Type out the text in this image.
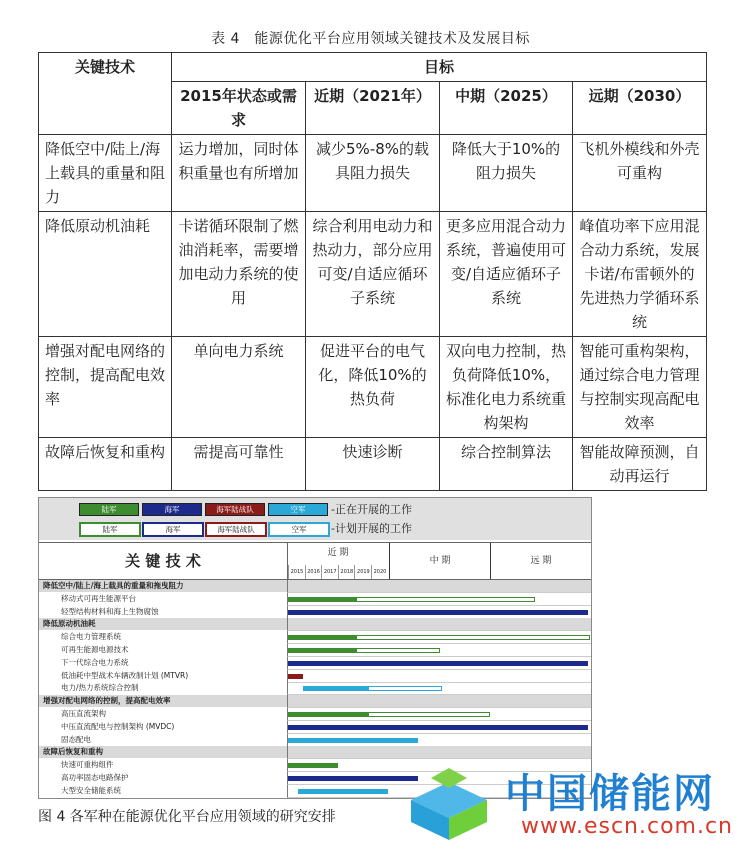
表 4　能源优化平台应用领域关键技术及发展目标
关键技术	目标			
	2015年状态或需求	近期（2021年）	中期（2025）	远期（2030）
降低空中/陆上/海上载具的重量和阻力	运力增加，同时体积重量也有所增加	减少5%-8%的载具阻力损失	降低大于10%的阻力损失	飞机外模线和外壳可重构
降低原动机油耗	卡诺循环限制了燃油消耗率，需要增加电动力系统的使用	综合利用电动力和热动力，部分应用可变/自适应循环子系统	更多应用混合动力系统，普遍使用可变/自适应循环子系统	峰值功率下应用混合动力系统，发展卡诺/布雷顿外的先进热力学循环系统
增强对配电网络的控制，提高配电效率	单向电力系统	促进平台的电气化，降低10%的热负荷	双向电力控制，热负荷降低10%，标准化电力系统重构架构	智能可重构架构，通过综合电力管理与控制实现高配电效率
故障后恢复和重构	需提高可靠性	快速诊断	综合控制算法	智能故障预测，自动再运行
陆军	海军	海军陆战队	空军	-正在开展的工作
陆军	海军	海军陆战队	空军	-计划开展的工作
关 键 技 术	近 期
中 期	远 期
2015 2016 2017 2018 2019 2020
降低空中/陆上/海上载具的重量和拖曳阻力
移动式可再生能源平台
轻型结构材料和海上生物腐蚀
降低原动机油耗
综合电力管理系统
可再生能源电源技术
下一代综合电力系统
低油耗中型战术车辆改制计划 (MTVR)
电力/热力系统综合控制
增强对配电网络的控制，提高配电效率
高压直流架构
中压直流配电与控制架构 (MVDC)
固态配电
故障后恢复和重构
快速可重构组件
高功率固态电路保护
大型安全储能系统
图 4 各军种在能源优化平台应用领域的研究安排	中国储能网
www.escn.com.cn
